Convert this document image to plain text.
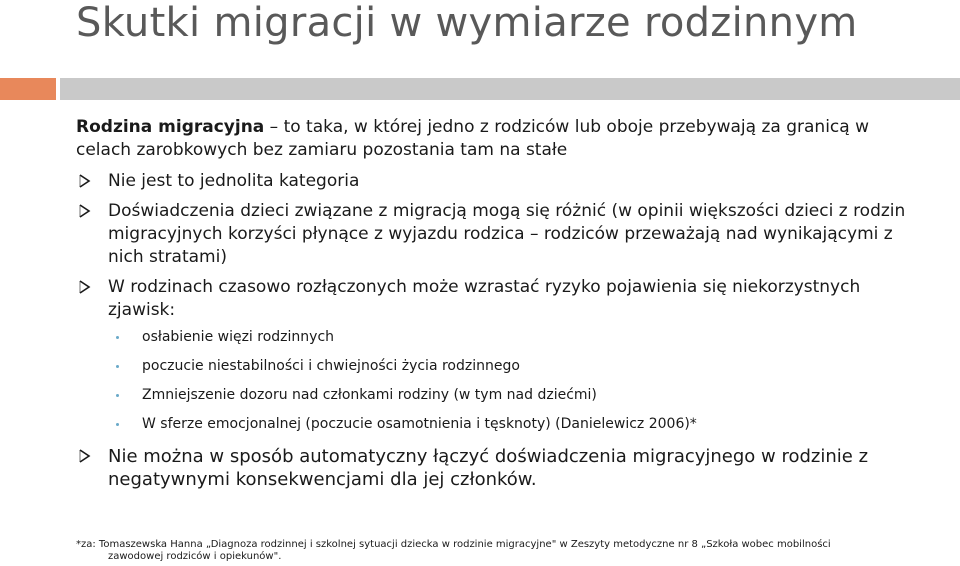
Skutki migracji w wymiarze rodzinnym

Rodzina migracyjna – to taka, w której jedno z rodziców lub oboje przebywają za granicą w celach zarobkowych bez zamiaru pozostania tam na stałe

Nie jest to jednolita kategoria
Doświadczenia dzieci związane z migracją mogą się różnić (w opinii większości dzieci z rodzin migracyjnych korzyści płynące z wyjazdu rodzica – rodziców przeważają nad wynikającymi z nich stratami)
W rodzinach czasowo rozłączonych może wzrastać ryzyko pojawienia się niekorzystnych zjawisk:
osłabienie więzi rodzinnych
poczucie niestabilności i chwiejności życia rodzinnego
Zmniejszenie dozoru nad członkami rodziny (w tym nad dziećmi)
W sferze emocjonalnej (poczucie osamotnienia i tęsknoty) (Danielewicz 2006)*
Nie można w sposób automatyczny łączyć doświadczenia migracyjnego w rodzinie z negatywnymi konsekwencjami dla jej członków.
*za: Tomaszewska Hanna „Diagnoza rodzinnej i szkolnej sytuacji dziecka w rodzinie migracyjne" w Zeszyty metodyczne nr 8 „Szkoła wobec mobilności
zawodowej rodziców i opiekunów".
